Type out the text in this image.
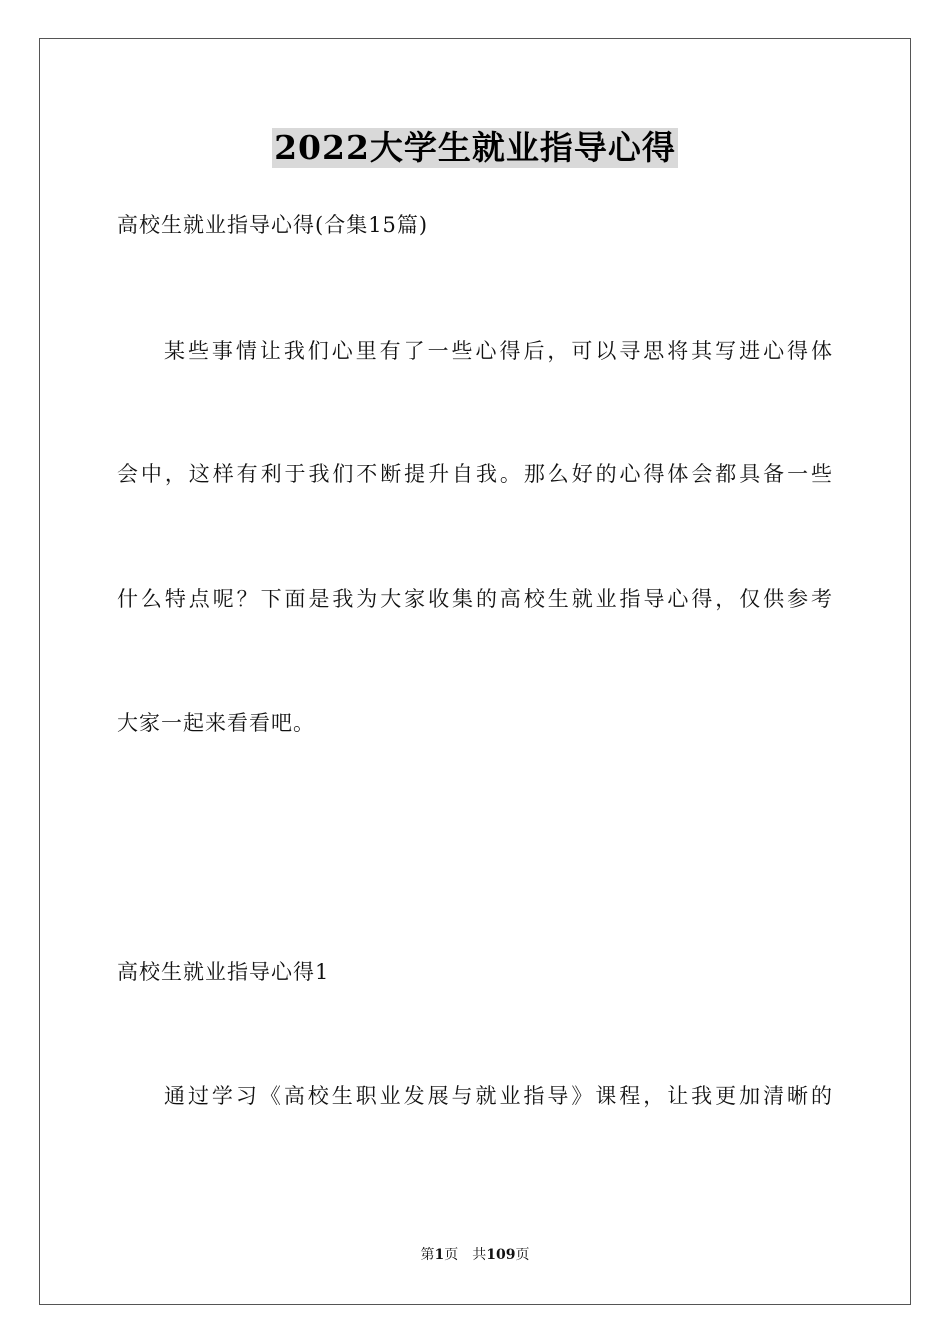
2022大学生就业指导心得
高校生就业指导心得(合集15篇)
某些事情让我们心里有了一些心得后，可以寻思将其写进心得体
会中，这样有利于我们不断提升自我。那么好的心得体会都具备一些
什么特点呢？下面是我为大家收集的高校生就业指导心得，仅供参考
大家一起来看看吧。
高校生就业指导心得1
通过学习《高校生职业发展与就业指导》课程，让我更加清晰的
第1页 共109页
